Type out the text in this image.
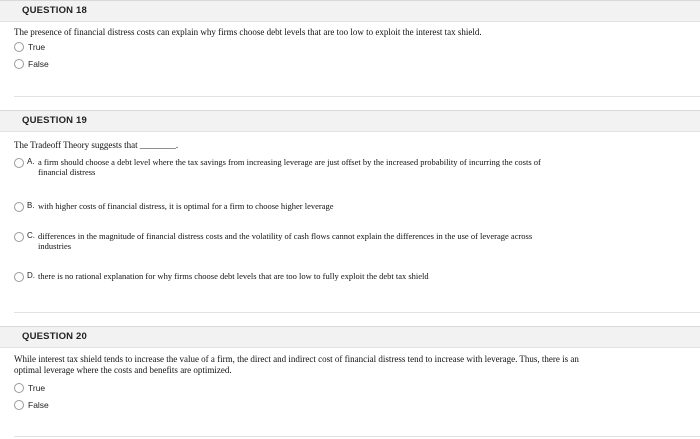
QUESTION 18
The presence of financial distress costs can explain why firms choose debt levels that are too low to exploit the interest tax shield.
True
False
QUESTION 19
The Tradeoff Theory suggests that ________.
A. a firm should choose a debt level where the tax savings from increasing leverage are just offset by the increased probability of incurring the costs of
financial distress
B. with higher costs of financial distress, it is optimal for a firm to choose higher leverage
C. differences in the magnitude of financial distress costs and the volatility of cash flows cannot explain the differences in the use of leverage across
industries
D. there is no rational explanation for why firms choose debt levels that are too low to fully exploit the debt tax shield
QUESTION 20
While interest tax shield tends to increase the value of a firm, the direct and indirect cost of financial distress tend to increase with leverage. Thus, there is an
optimal leverage where the costs and benefits are optimized.
True
False
